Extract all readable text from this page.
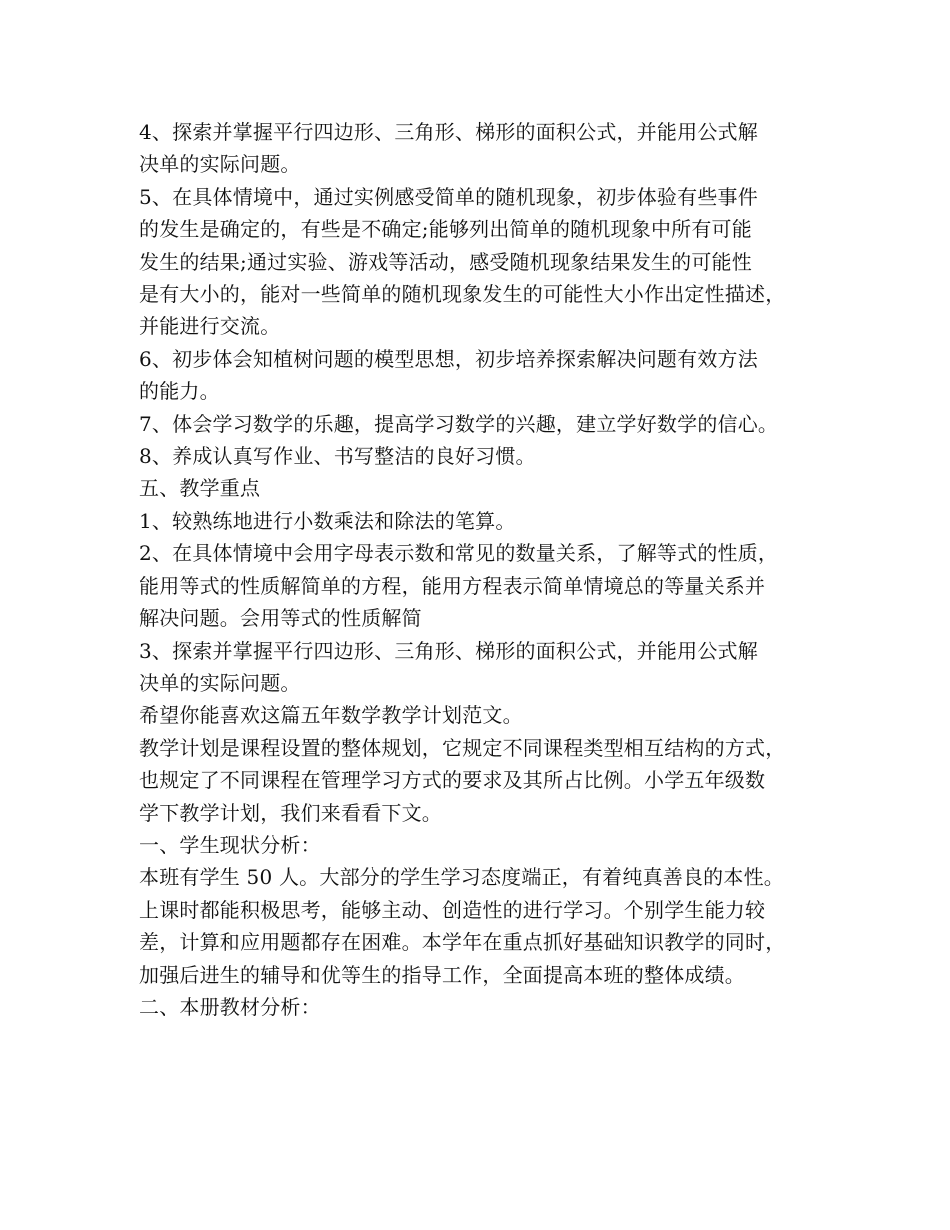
4、探索并掌握平行四边形、三角形、梯形的面积公式，并能用公式解
决单的实际问题。
5、在具体情境中，通过实例感受简单的随机现象，初步体验有些事件
的发生是确定的，有些是不确定;能够列出简单的随机现象中所有可能
发生的结果;通过实验、游戏等活动，感受随机现象结果发生的可能性
是有大小的，能对一些简单的随机现象发生的可能性大小作出定性描述，
并能进行交流。
6、初步体会知植树问题的模型思想，初步培养探索解决问题有效方法
的能力。
7、体会学习数学的乐趣，提高学习数学的兴趣，建立学好数学的信心。
8、养成认真写作业、书写整洁的良好习惯。
五、教学重点
1、较熟练地进行小数乘法和除法的笔算。
2、在具体情境中会用字母表示数和常见的数量关系，了解等式的性质，
能用等式的性质解简单的方程，能用方程表示简单情境总的等量关系并
解决问题。会用等式的性质解简
3、探索并掌握平行四边形、三角形、梯形的面积公式，并能用公式解
决单的实际问题。
希望你能喜欢这篇五年数学教学计划范文。
教学计划是课程设置的整体规划，它规定不同课程类型相互结构的方式，
也规定了不同课程在管理学习方式的要求及其所占比例。小学五年级数
学下教学计划，我们来看看下文。
一、学生现状分析：
本班有学生 50 人。大部分的学生学习态度端正，有着纯真善良的本性。
上课时都能积极思考，能够主动、创造性的进行学习。个别学生能力较
差，计算和应用题都存在困难。本学年在重点抓好基础知识教学的同时，
加强后进生的辅导和优等生的指导工作，全面提高本班的整体成绩。
二、本册教材分析：
